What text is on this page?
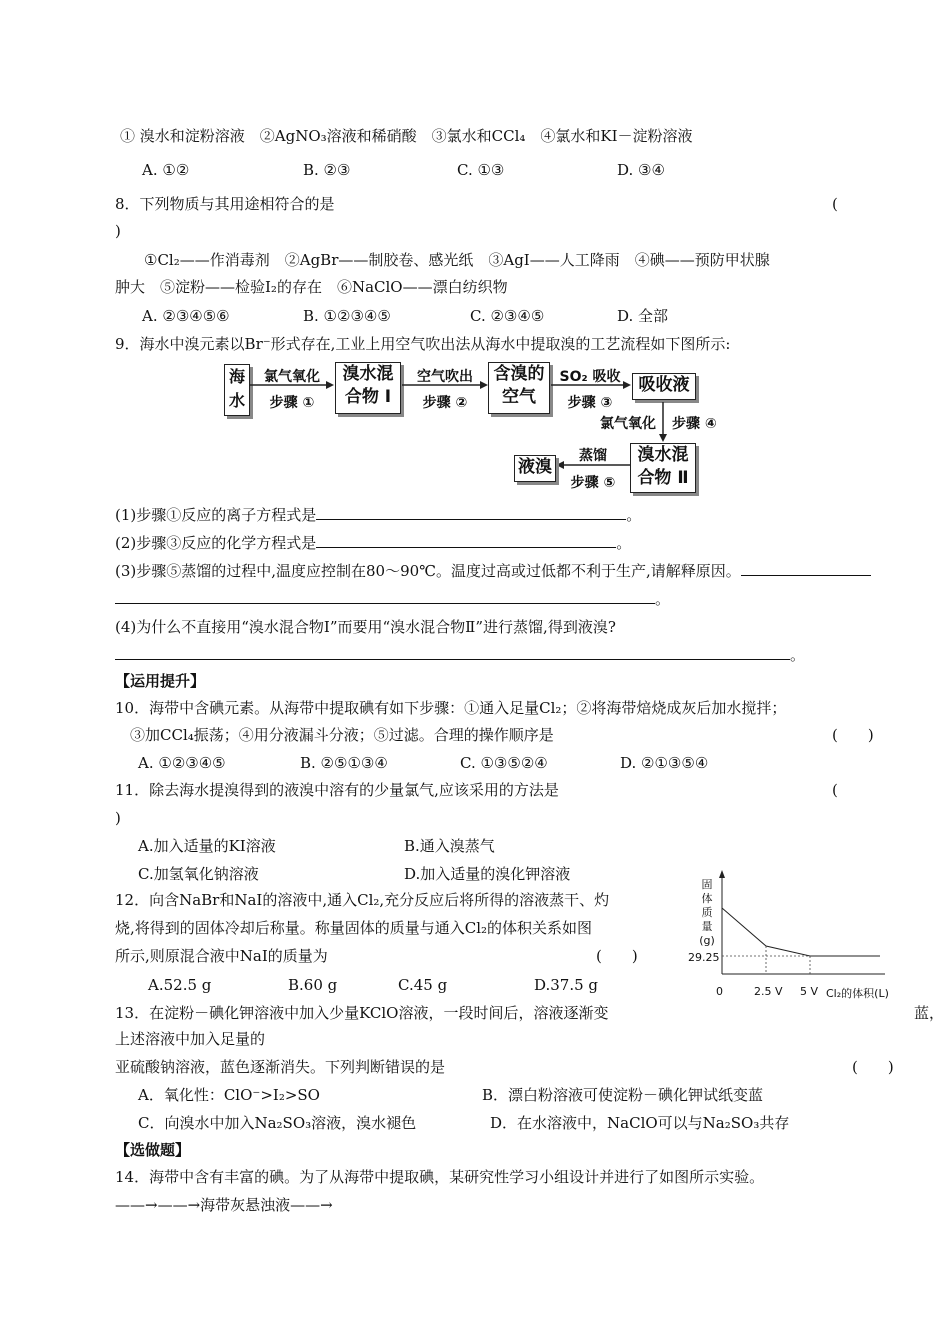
① 溴水和淀粉溶液　②AgNO₃溶液和稀硝酸　③氯水和CCl₄　④氯水和KI－淀粉溶液
A. ①②	B. ②③	C. ①③	D. ③④
8．下列物质与其用途相符合的是	(
)
①Cl₂——作消毒剂　②AgBr——制胶卷、感光纸　③AgI——人工降雨　④碘——预防甲状腺
肿大　⑤淀粉——检验I₂的存在　⑥NaClO——漂白纺织物
A. ②③④⑤⑥	B. ①②③④⑤	C. ②③④⑤	D. 全部
9．海水中溴元素以Br⁻形式存在,工业上用空气吹出法从海水中提取溴的工艺流程如下图所示:
海水
氯气氧化
步骤 ①
溴水混合物 Ⅰ
空气吹出
步骤 ②
含溴的空气
SO₂ 吸收
步骤 ③
吸收液
氯气氧化 步骤 ④
溴水混合物 Ⅱ
蒸馏
步骤 ⑤
液溴
(1)步骤①反应的离子方程式是	。
(2)步骤③反应的化学方程式是	。
(3)步骤⑤蒸馏的过程中,温度应控制在80～90℃。温度过高或过低都不利于生产,请解释原因。
。
(4)为什么不直接用“溴水混合物Ⅰ”而要用“溴水混合物Ⅱ”进行蒸馏,得到液溴?
。
【运用提升】
10．海带中含碘元素。从海带中提取碘有如下步骤：①通入足量Cl₂；②将海带焙烧成灰后加水搅拌；
③加CCl₄振荡；④用分液漏斗分液；⑤过滤。合理的操作顺序是	(　　)
A. ①②③④⑤	B. ②⑤①③④	C. ①③⑤②④	D. ②①③⑤④
11．除去海水提溴得到的液溴中溶有的少量氯气,应该采用的方法是	(
)
A.加入适量的KI溶液	B.通入溴蒸气
C.加氢氧化钠溶液	D.加入适量的溴化钾溶液
12．向含NaBr和NaI的溶液中,通入Cl₂,充分反应后将所得的溶液蒸干、灼
烧,将得到的固体冷却后称量。称量固体的质量与通入Cl₂的体积关系如图
所示,则原混合液中NaI的质量为	(　　)
A.52.5 g	B.60 g	C.45 g	D.37.5 g
固
体
质
量
(g)
29.25
0	2.5 V 5 V Cl₂的体积(L)
13．在淀粉－碘化钾溶液中加入少量KClO溶液，一段时间后，溶液逐渐变	蓝，
上述溶液中加入足量的
亚硫酸钠溶液，蓝色逐渐消失。下列判断错误的是	(　　)
A．氧化性：ClO⁻>I₂>SO	B．漂白粉溶液可使淀粉－碘化钾试纸变蓝
C．向溴水中加入Na₂SO₃溶液，溴水褪色	D．在水溶液中，NaClO可以与Na₂SO₃共存
【选做题】
14．海带中含有丰富的碘。为了从海带中提取碘，某研究性学习小组设计并进行了如图所示实验。
——→——→海带灰悬浊液——→
